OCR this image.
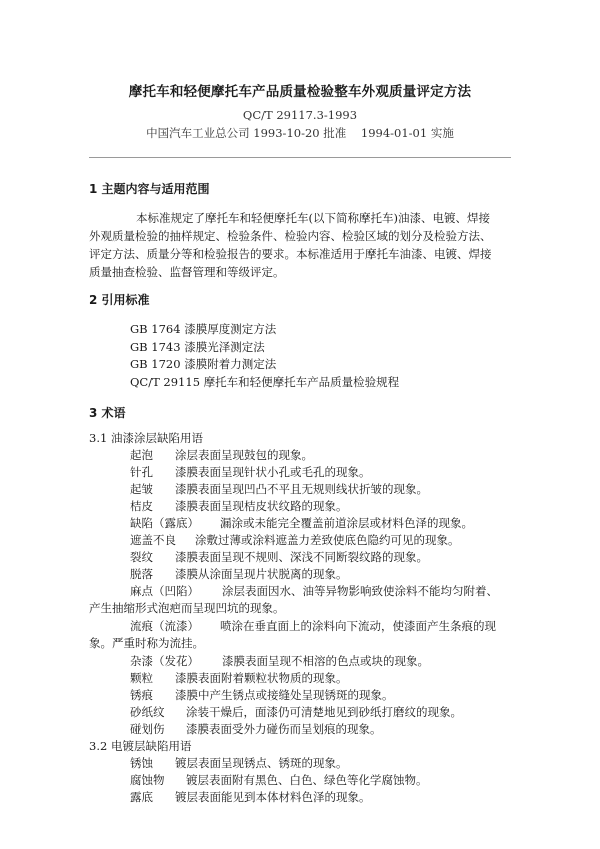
摩托车和轻便摩托车产品质量检验整车外观质量评定方法
QC/T 29117.3-1993
中国汽车工业总公司 1993-10-20 批准    1994-01-01 实施
1 主题内容与适用范围
本标准规定了摩托车和轻便摩托车(以下简称摩托车)油漆、电镀、焊接
外观质量检验的抽样规定、检验条件、检验内容、检验区域的划分及检验方法、
评定方法、质量分等和检验报告的要求。本标准适用于摩托车油漆、电镀、焊接
质量抽查检验、监督管理和等级评定。
2 引用标准
GB 1764 漆膜厚度测定方法
GB 1743 漆膜光泽测定法
GB 1720 漆膜附着力测定法
QC/T 29115 摩托车和轻便摩托车产品质量检验规程
3 术语
3.1 油漆涂层缺陷用语
起泡 涂层表面呈现鼓包的现象。
针孔 漆膜表面呈现针状小孔或毛孔的现象。
起皱 漆膜表面呈现凹凸不平且无规则线状折皱的现象。
桔皮 漆膜表面呈现桔皮状纹路的现象。
缺陷（露底） 漏涂或未能完全覆盖前道涂层或材料色泽的现象。
遮盖不良 涂敷过薄或涂料遮盖力差致使底色隐约可见的现象。
裂纹 漆膜表面呈现不规则、深浅不同断裂纹路的现象。
脱落 漆膜从涂面呈现片状脱离的现象。
麻点（凹陷） 涂层表面因水、油等异物影响致使涂料不能均匀附着、
产生抽缩形式泡疤而呈现凹坑的现象。
流痕（流漆） 喷涂在垂直面上的涂料向下流动，使漆面产生条痕的现
象。严重时称为流挂。
杂漆（发花） 漆膜表面呈现不相溶的色点或块的现象。
颗粒 漆膜表面附着颗粒状物质的现象。
锈痕 漆膜中产生锈点或接缝处呈现锈斑的现象。
砂纸纹 涂装干燥后，面漆仍可清楚地见到砂纸打磨纹的现象。
碰划伤 漆膜表面受外力碰伤而呈划痕的现象。
3.2 电镀层缺陷用语
锈蚀 镀层表面呈现锈点、锈斑的现象。
腐蚀物 镀层表面附有黑色、白色、绿色等化学腐蚀物。
露底 镀层表面能见到本体材料色泽的现象。
